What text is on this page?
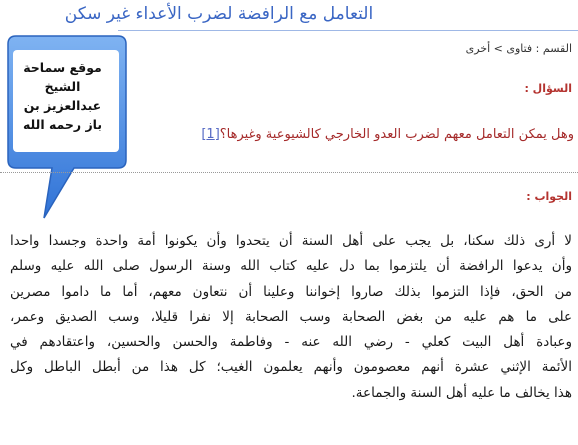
موقع سماحة
الشيخ
عبدالعزيز بن
باز رحمه الله
التعامل مع الرافضة لضرب الأعداء غير سكن
القسم : فتاوى > أخرى
السؤال :
وهل يمكن التعامل معهم لضرب العدو الخارجي كالشيوعية وغيرها؟[1]
الجواب :
لا أرى ذلك سكنا، بل يجب على أهل السنة أن يتحدوا وأن يكونوا أمة واحدة وجسدا واحدا
وأن يدعوا الرافضة أن يلتزموا بما دل عليه كتاب الله وسنة الرسول صلى الله عليه وسلم
من الحق، فإذا التزموا بذلك صاروا إخواننا وعلينا أن نتعاون معهم، أما ما داموا مصرين
على ما هم عليه من بغض الصحابة وسب الصحابة إلا نفرا قليلا، وسب الصديق وعمر،
وعبادة أهل البيت كعلي - رضي الله عنه - وفاطمة والحسن والحسين، واعتقادهم في
الأئمة الإثني عشرة أنهم معصومون وأنهم يعلمون الغيب؛ كل هذا من أبطل الباطل وكل
هذا يخالف ما عليه أهل السنة والجماعة.
